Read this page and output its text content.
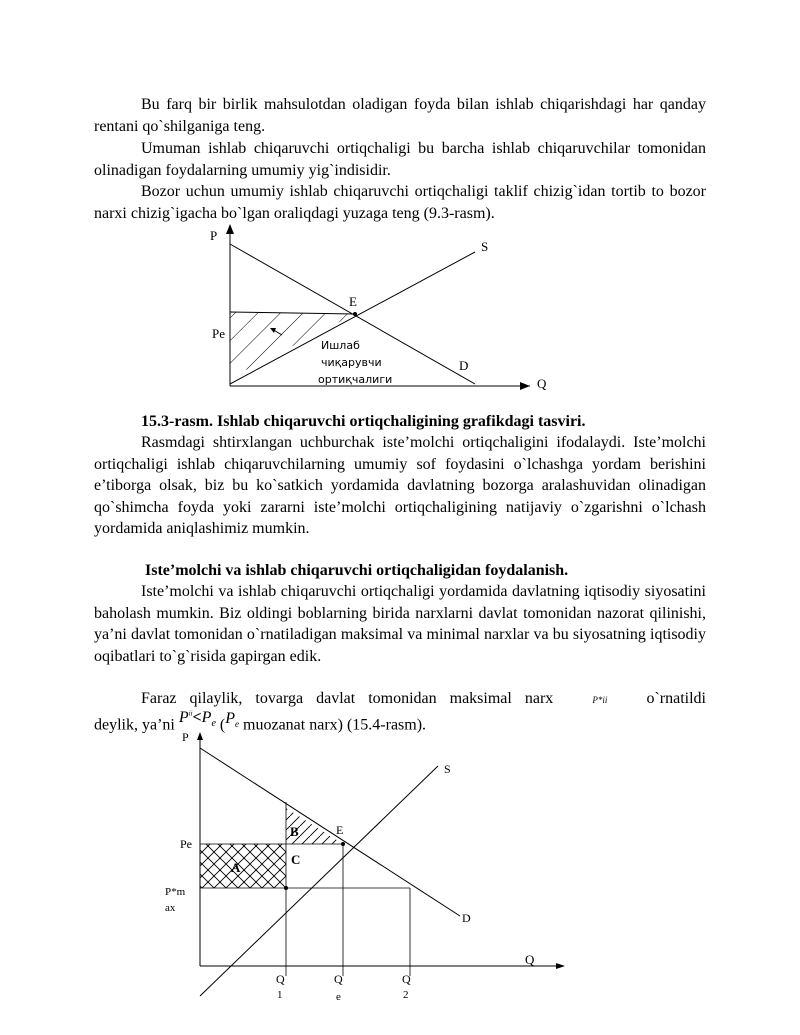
Bu farq bir birlik mahsulotdan oladigan foyda bilan ishlab chiqarishdagi har qanday rentani qo`shilganiga teng.

Umuman ishlab chiqaruvchi ortiqchaligi bu barcha ishlab chiqaruvchilar tomonidan olinadigan foydalarning umumiy yig`indisidir.

Bozor uchun umumiy ishlab chiqaruvchi ortiqchaligi taklif chizig`idan tortib to bozor narxi chizig`igacha bo`lgan oraliqdagi yuzaga teng (9.3-rasm).

P
Q
S
D
E
Pe
Ишлаб
чиқарувчи
ортиқчалиги
15.3-rasm. Ishlab chiqaruvchi ortiqchaligining grafikdagi tasviri.

Rasmdagi shtirxlangan uchburchak iste’molchi ortiqchaligini ifodalaydi. Iste’molchi ortiqchaligi ishlab chiqaruvchilarning umumiy sof foydasini o`lchashga yordam berishini e’tiborga olsak, biz bu ko`satkich yordamida davlatning bozorga aralashuvidan olinadigan qo`shimcha foyda yoki zararni iste’molchi ortiqchaligining natijaviy o`zgarishni o`lchash yordamida aniqlashimiz mumkin.

Iste’molchi va ishlab chiqaruvchi ortiqchaligidan foydalanish.

Iste’molchi va ishlab chiqaruvchi ortiqchaligi yordamida davlatning iqtisodiy siyosatini baholash mumkin. Biz oldingi boblarning birida narxlarni davlat tomonidan nazorat qilinishi, ya’ni davlat tomonidan o`rnatiladigan maksimal va minimal narxlar va bu siyosatning iqtisodiy oqibatlari to`g`risida gapirgan edik.

Faraz qilaylik, tovarga davlat tomonidan maksimal narx	P*ii o`rnatildi
deylik, ya’ni $P^{ii}<P_e$ ($P_e$ muozanat narx) (15.4-rasm).
P
Q
S
D
E
Pe
P*m
ax
A
B
C
Q
1
Q
e
Q
2
